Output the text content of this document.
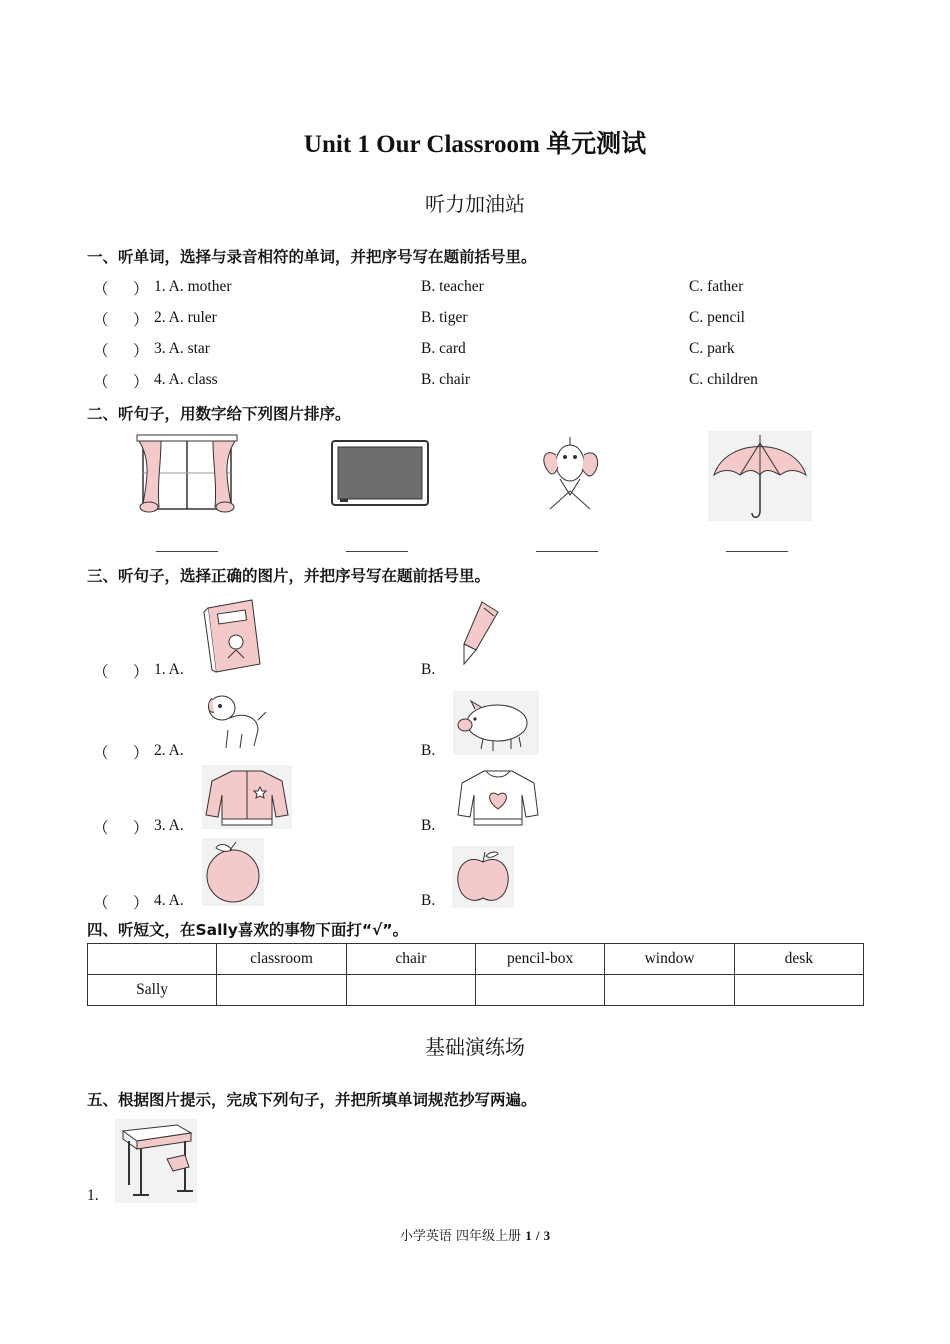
Unit 1 Our Classroom 单元测试
听力加油站
一、听单词，选择与录音相符的单词，并把序号写在题前括号里。
（ ） 1. A. mother	B. teacher	C. father
（ ） 2. A. ruler	B. tiger	C. pencil
（ ） 3. A. star	B. card	C. park
（ ） 4. A. class	B. chair	C. children
二、听句子，用数字给下列图片排序。
________	________	________	________
三、听句子，选择正确的图片，并把序号写在题前括号里。
（ ） 1. A.	B.
（ ） 2. A.	B.
（ ） 3. A.	B.
（ ） 4. A.	B.
四、听短文，在Sally喜欢的事物下面打“√”。
	classroom	chair	pencil-box	window	desk
Sally					
基础演练场
五、根据图片提示，完成下列句子，并把所填单词规范抄写两遍。
1.
小学英语 四年级上册 1 / 3
